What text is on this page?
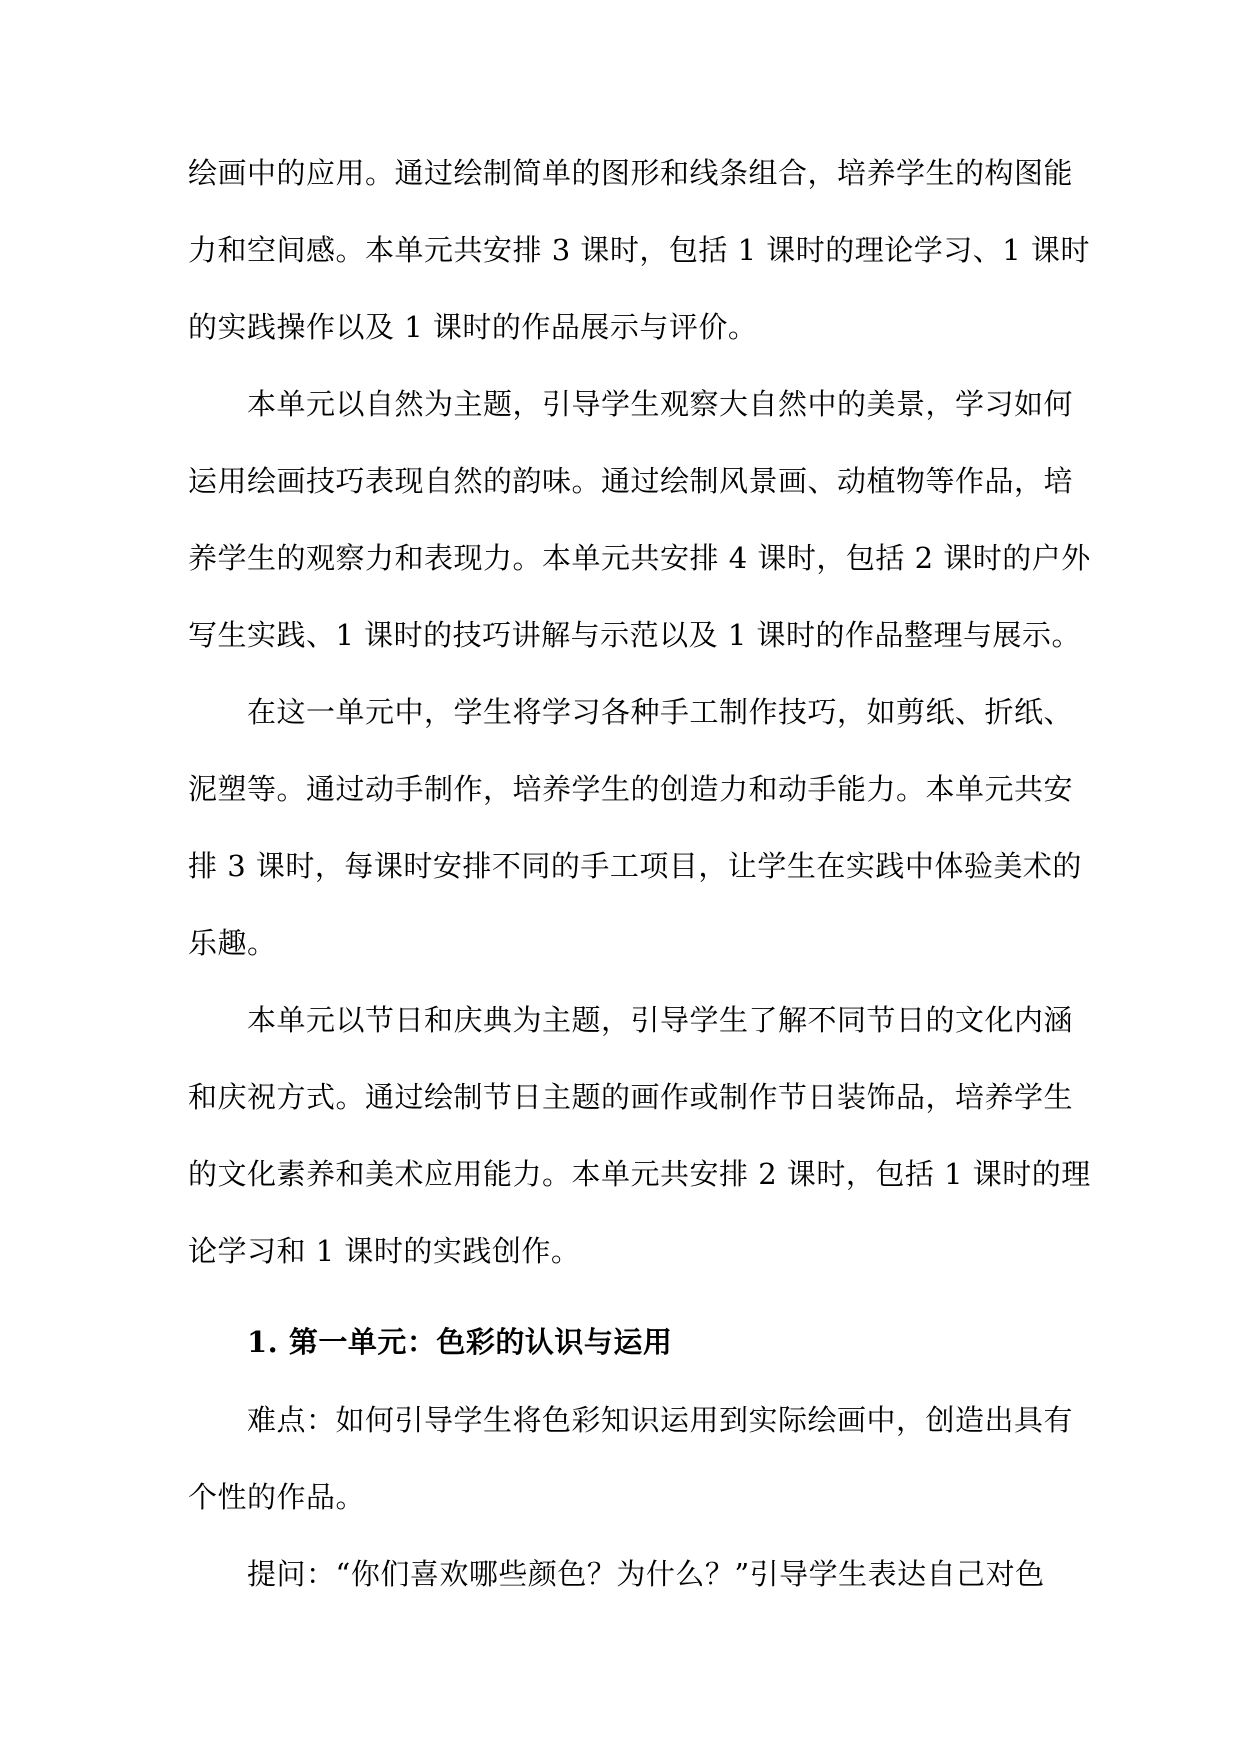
绘画中的应用。通过绘制简单的图形和线条组合，培养学生的构图能
力和空间感。本单元共安排 3 课时，包括 1 课时的理论学习、1 课时
的实践操作以及 1 课时的作品展示与评价。
本单元以自然为主题，引导学生观察大自然中的美景，学习如何
运用绘画技巧表现自然的韵味。通过绘制风景画、动植物等作品，培
养学生的观察力和表现力。本单元共安排 4 课时，包括 2 课时的户外
写生实践、1 课时的技巧讲解与示范以及 1 课时的作品整理与展示。
在这一单元中，学生将学习各种手工制作技巧，如剪纸、折纸、
泥塑等。通过动手制作，培养学生的创造力和动手能力。本单元共安
排 3 课时，每课时安排不同的手工项目，让学生在实践中体验美术的
乐趣。
本单元以节日和庆典为主题，引导学生了解不同节日的文化内涵
和庆祝方式。通过绘制节日主题的画作或制作节日装饰品，培养学生
的文化素养和美术应用能力。本单元共安排 2 课时，包括 1 课时的理
论学习和 1 课时的实践创作。
1. 第一单元：色彩的认识与运用
难点：如何引导学生将色彩知识运用到实际绘画中，创造出具有
个性的作品。
提问：“你们喜欢哪些颜色？为什么？”引导学生表达自己对色
